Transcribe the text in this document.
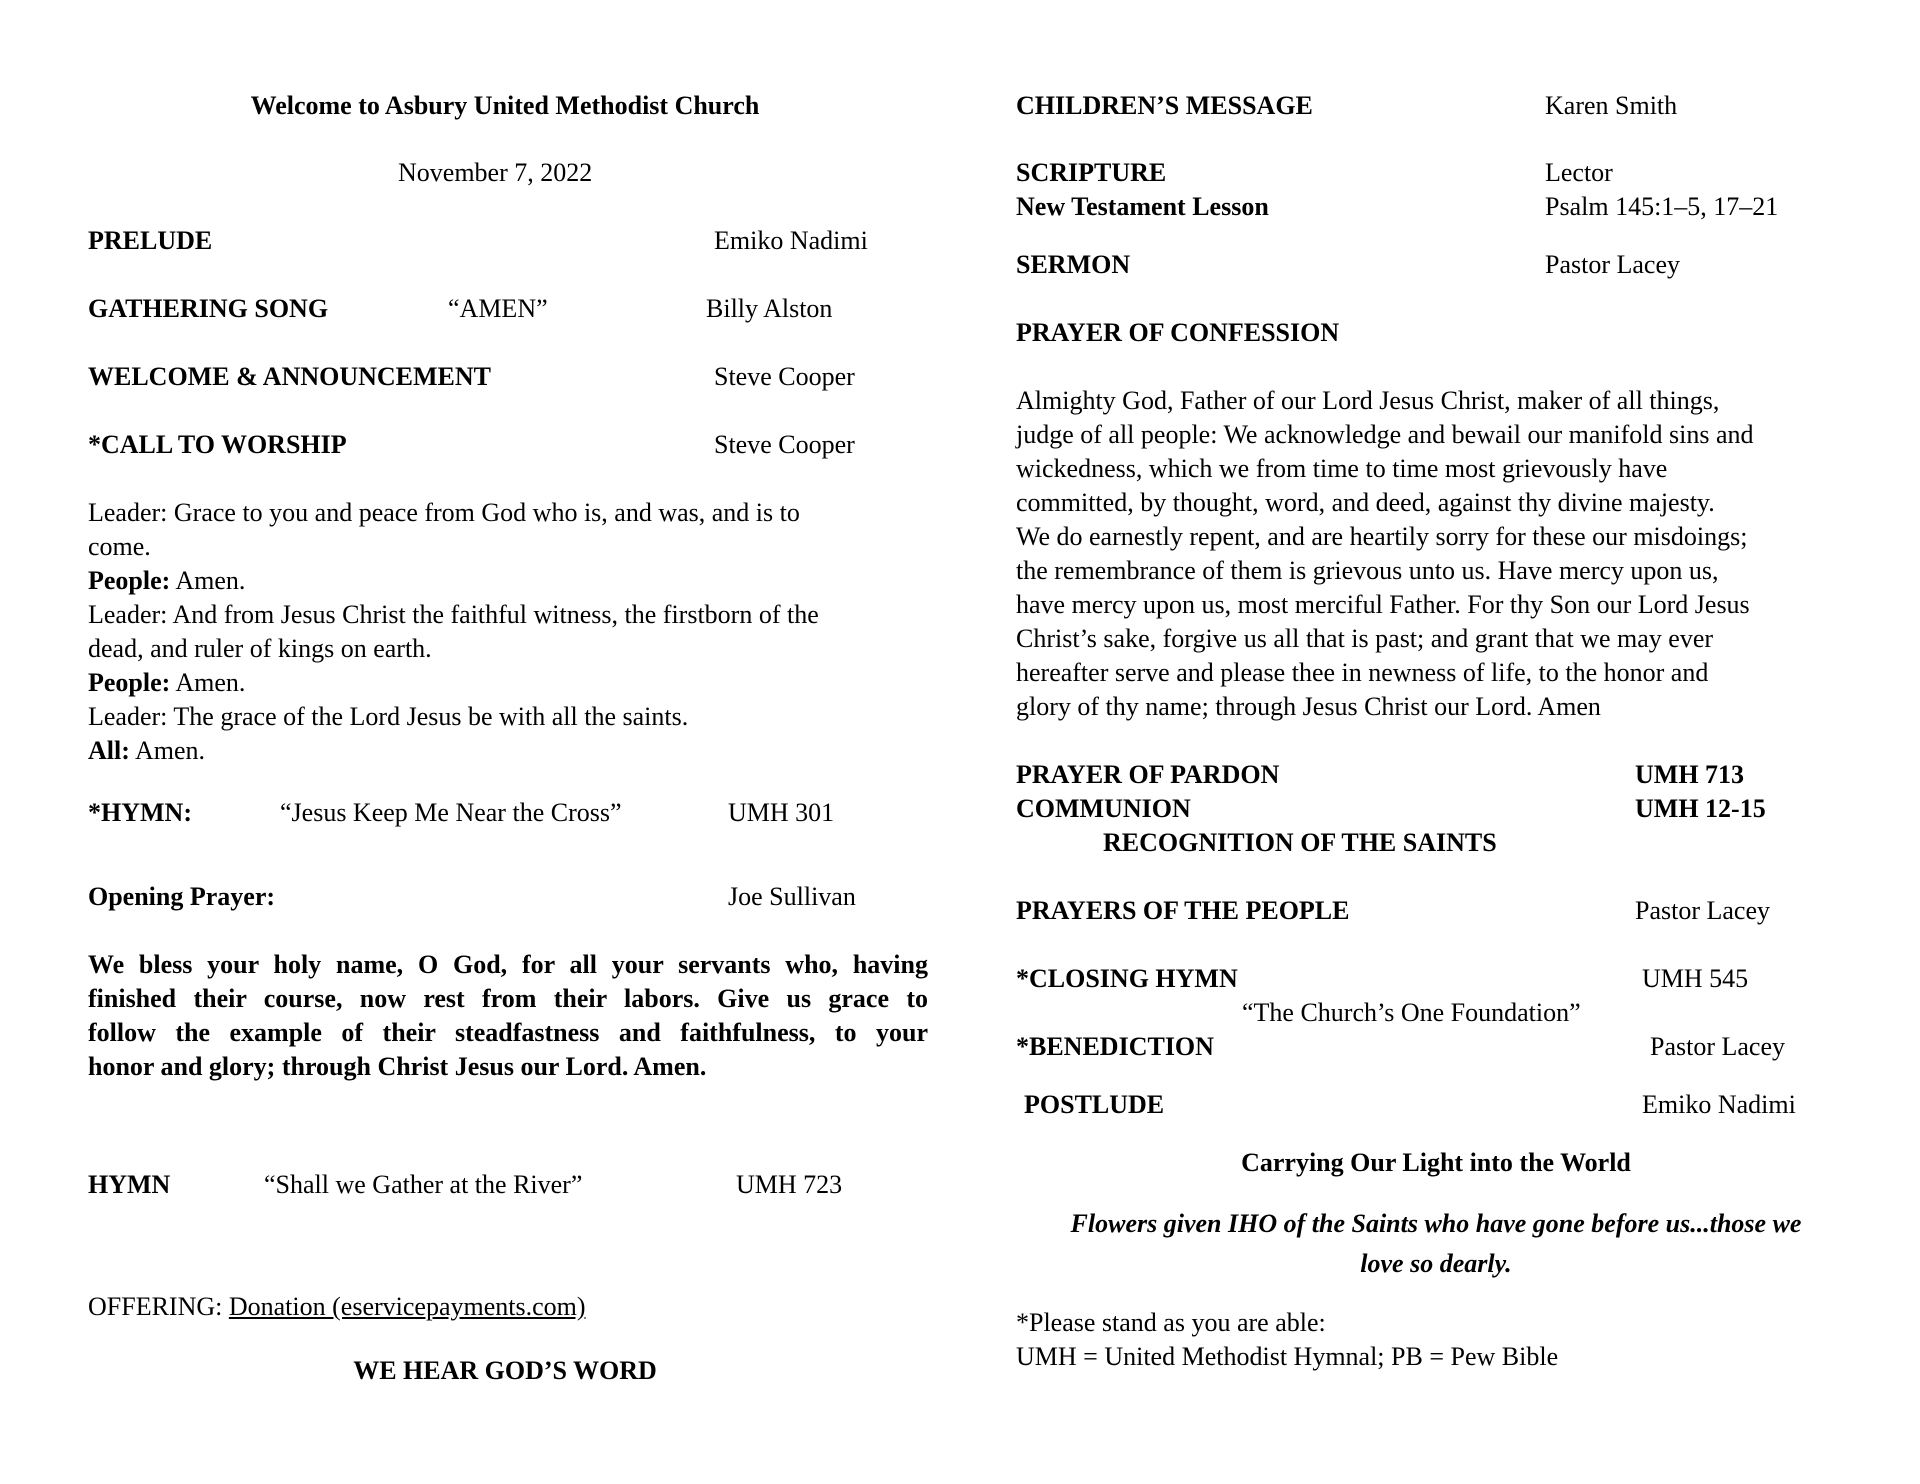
Welcome to Asbury United Methodist Church
November 7, 2022
PRELUDE	Emiko Nadimi
GATHERING SONG	“AMEN”	Billy Alston
WELCOME & ANNOUNCEMENT	Steve Cooper
*CALL TO WORSHIP	Steve Cooper
Leader: Grace to you and peace from God who is, and was, and is to
come.
People: Amen.
Leader: And from Jesus Christ the faithful witness, the firstborn of the
dead, and ruler of kings on earth.
People: Amen.
Leader: The grace of the Lord Jesus be with all the saints.
All: Amen.
*HYMN:	“Jesus Keep Me Near the Cross”	UMH 301
Opening Prayer:	Joe Sullivan
We bless your holy name, O God, for all your servants who, having
finished their course, now rest from their labors. Give us grace to
follow the example of their steadfastness and faithfulness, to your
honor and glory; through Christ Jesus our Lord. Amen.
HYMN	“Shall we Gather at the River”	UMH 723
OFFERING: Donation (eservicepayments.com)
WE HEAR GOD’S WORD
CHILDREN’S MESSAGE	Karen Smith
SCRIPTURE	Lector
New Testament Lesson	Psalm 145:1–5, 17–21
SERMON	Pastor Lacey
PRAYER OF CONFESSION
Almighty God, Father of our Lord Jesus Christ, maker of all things,
judge of all people: We acknowledge and bewail our manifold sins and
wickedness, which we from time to time most grievously have
committed, by thought, word, and deed, against thy divine majesty.
We do earnestly repent, and are heartily sorry for these our misdoings;
the remembrance of them is grievous unto us. Have mercy upon us,
have mercy upon us, most merciful Father. For thy Son our Lord Jesus
Christ’s sake, forgive us all that is past; and grant that we may ever
hereafter serve and please thee in newness of life, to the honor and
glory of thy name; through Jesus Christ our Lord. Amen
PRAYER OF PARDON	UMH 713
COMMUNION	UMH 12-15
RECOGNITION OF THE SAINTS
PRAYERS OF THE PEOPLE	Pastor Lacey
*CLOSING HYMN	UMH 545
“The Church’s One Foundation”
*BENEDICTION	Pastor Lacey
POSTLUDE	Emiko Nadimi
Carrying Our Light into the World
Flowers given IHO of the Saints who have gone before us...those we
love so dearly.
*Please stand as you are able:
UMH = United Methodist Hymnal; PB = Pew Bible
